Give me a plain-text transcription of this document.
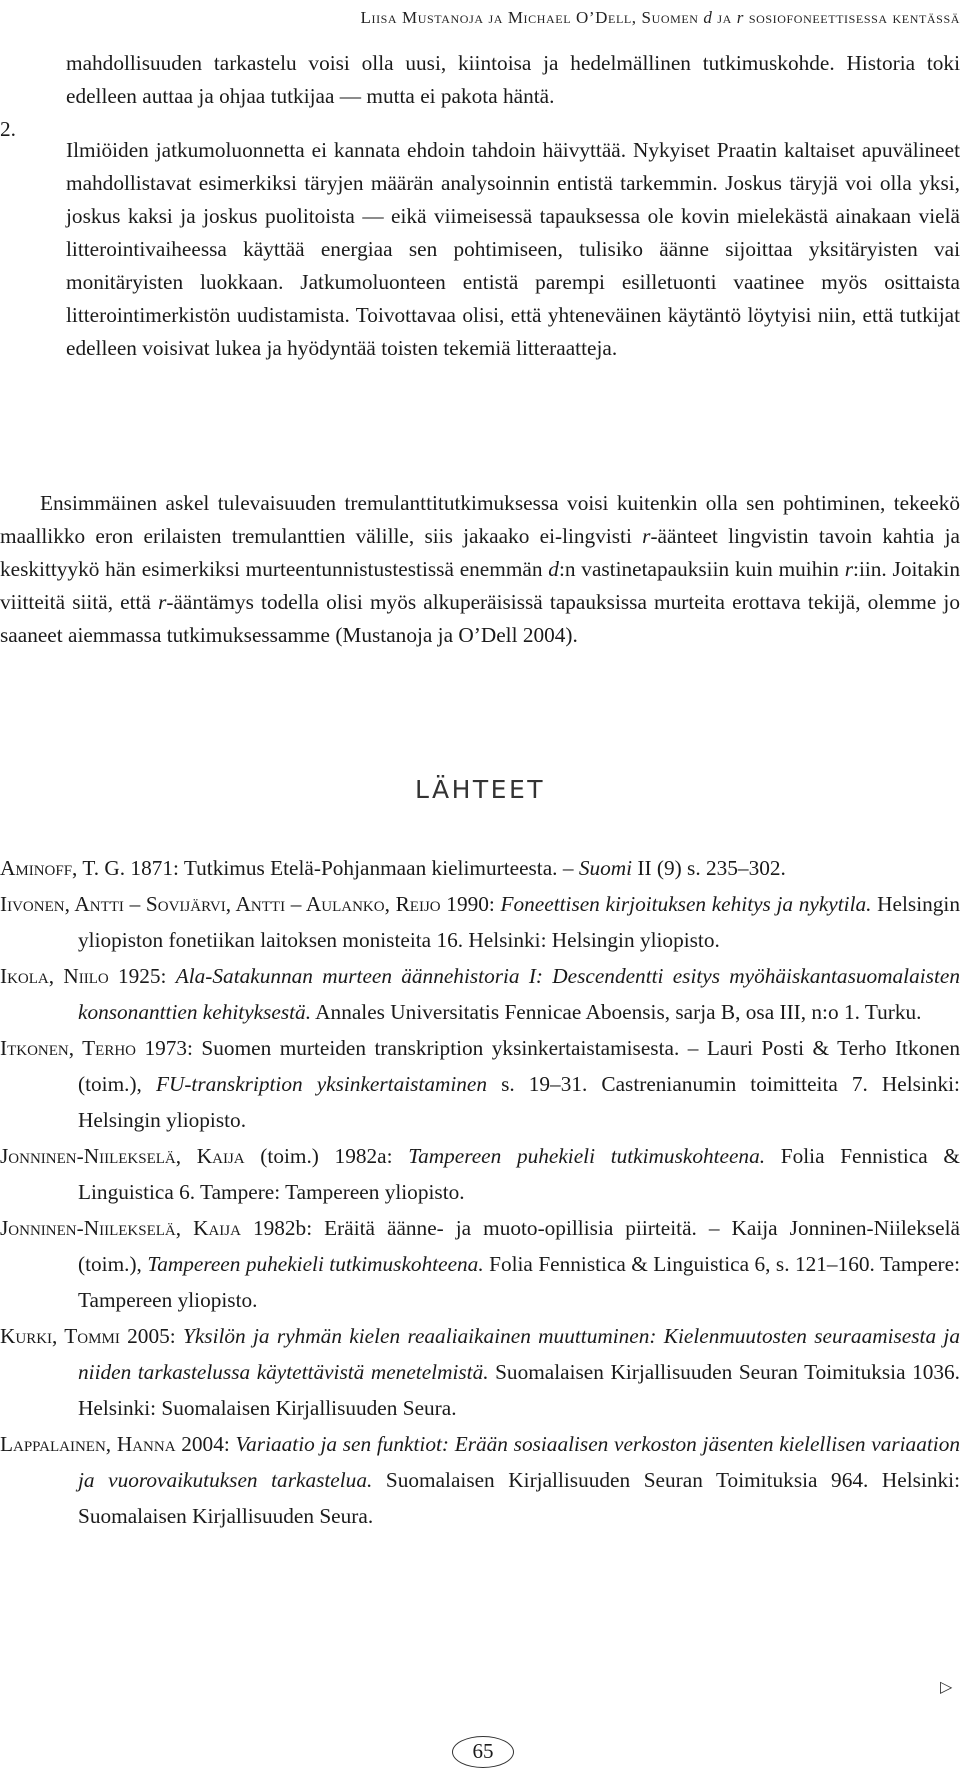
Liisa Mustanoja ja Michael O’Dell, Suomen d ja r sosiofoneettisessa kentässä

mahdollisuuden tarkastelu voisi olla uusi, kiintoisa ja hedelmällinen tutkimuskohde. Historia toki edelleen auttaa ja ohjaa tutkijaa — mutta ei pakota häntä.

2.

Ilmiöiden jatkumoluonnetta ei kannata ehdoin tahdoin häivyttää. Nykyiset Praatin kaltaiset apuvälineet mahdollistavat esimerkiksi täryjen määrän analysoinnin entistä tarkemmin. Joskus täryjä voi olla yksi, joskus kaksi ja joskus puolitoista — eikä viimeisessä tapauksessa ole kovin mielekästä ainakaan vielä litterointivaiheessa käyttää energiaa sen pohtimiseen, tulisiko äänne sijoittaa yksitäryisten vai monitäryisten luokkaan. Jatkumoluonteen entistä parempi esilletuonti vaatinee myös osittaista litterointimerkistön uudistamista. Toivottavaa olisi, että yhteneväinen käytäntö löytyisi niin, että tutkijat edelleen voisivat lukea ja hyödyntää toisten tekemiä litteraatteja.

Ensimmäinen askel tulevaisuuden tremulanttitutkimuksessa voisi kuitenkin olla sen pohtiminen, tekeekö maallikko eron erilaisten tremulanttien välille, siis jakaako ei-lingvisti r-äänteet lingvistin tavoin kahtia ja keskittyykö hän esimerkiksi murteentunnistustestissä enemmän d:n vastinetapauksiin kuin muihin r:iin. Joitakin viitteitä siitä, että r-ääntämys todella olisi myös alkuperäisissä tapauksissa murteita erottava tekijä, olemme jo saaneet aiemmassa tutkimuksessamme (Mustanoja ja O’Dell 2004).

LÄHTEET

Aminoff, T. G. 1871: Tutkimus Etelä-Pohjanmaan kielimurteesta. – Suomi II (9) s. 235–302.

Iivonen, Antti – Sovijärvi, Antti – Aulanko, Reijo 1990: Foneettisen kirjoituksen kehitys ja nykytila. Helsingin yliopiston fonetiikan laitoksen monisteita 16. Helsinki: Helsingin yliopisto.

Ikola, Niilo 1925: Ala-Satakunnan murteen äännehistoria I: Descendentti esitys myöhäiskantasuomalaisten konsonanttien kehityksestä. Annales Universitatis Fennicae Aboensis, sarja B, osa III, n:o 1. Turku.

Itkonen, Terho 1973: Suomen murteiden transkription yksinkertaistamisesta. – Lauri Posti & Terho Itkonen (toim.), FU-transkription yksinkertaistaminen s. 19–31. Castrenianumin toimitteita 7. Helsinki: Helsingin yliopisto.

Jonninen-Niilekselä, Kaija (toim.) 1982a: Tampereen puhekieli tutkimuskohteena. Folia Fennistica & Linguistica 6. Tampere: Tampereen yliopisto.

Jonninen-Niilekselä, Kaija 1982b: Eräitä äänne- ja muoto-opillisia piirteitä. – Kaija Jonninen-Niilekselä (toim.), Tampereen puhekieli tutkimuskohteena. Folia Fennistica & Linguistica 6, s. 121–160. Tampere: Tampereen yliopisto.

Kurki, Tommi 2005: Yksilön ja ryhmän kielen reaaliaikainen muuttuminen: Kielenmuutosten seuraamisesta ja niiden tarkastelussa käytettävistä menetelmistä. Suomalaisen Kirjallisuuden Seuran Toimituksia 1036. Helsinki: Suomalaisen Kirjallisuuden Seura.

Lappalainen, Hanna 2004: Variaatio ja sen funktiot: Erään sosiaalisen verkoston jäsenten kielellisen variaation ja vuorovaikutuksen tarkastelua. Suomalaisen Kirjallisuuden Seuran Toimituksia 964. Helsinki: Suomalaisen Kirjallisuuden Seura.

▷
65
